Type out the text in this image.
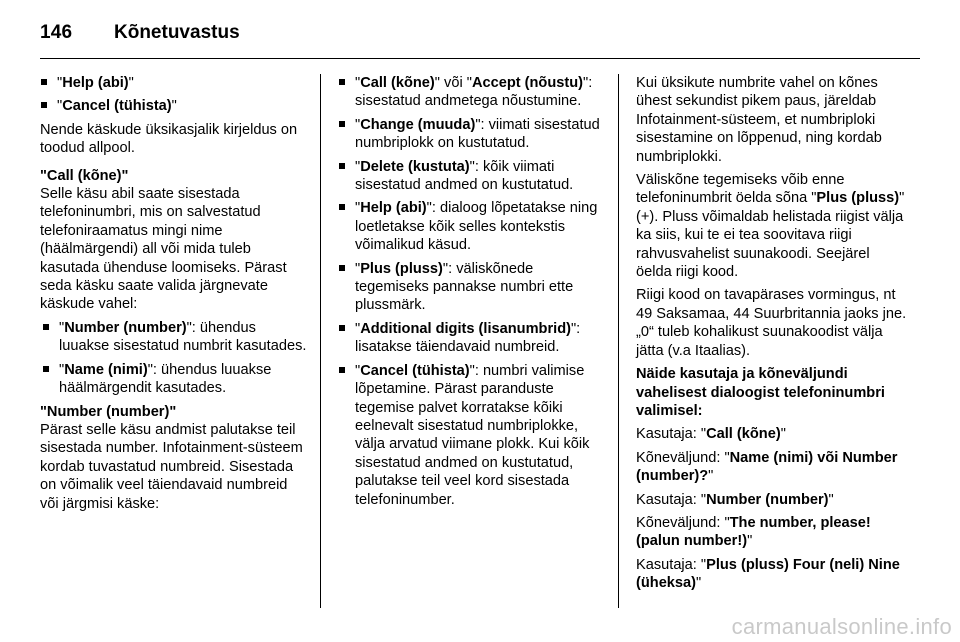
146 Kõnetuvastus
"Help (abi)"
"Cancel (tühista)"
Nende käskude üksikasjalik kirjeldus on toodud allpool.
"Call (kõne)"
Selle käsu abil saate sisestada telefoninumbri, mis on salvestatud telefoniraamatus mingi nime (häälmärgendi) all või mida tuleb kasutada ühenduse loomiseks. Pärast seda käsku saate valida järgnevate käskude vahel:
"Number (number)": ühendus luuakse sisestatud numbrit kasutades.
"Name (nimi)": ühendus luuakse häälmärgendit kasutades.
"Number (number)"
Pärast selle käsu andmist palutakse teil sisestada number. Infotainment-süsteem kordab tuvastatud numbreid. Sisestada on võimalik veel täiendavaid numbreid või järgmisi käske:
"Call (kõne)" või "Accept (nõustu)": sisestatud andmetega nõustumine.
"Change (muuda)": viimati sisestatud numbriplokk on kustutatud.
"Delete (kustuta)": kõik viimati sisestatud andmed on kustutatud.
"Help (abi)": dialoog lõpetatakse ning loetletakse kõik selles kontekstis võimalikud käsud.
"Plus (pluss)": väliskõnede tegemiseks pannakse numbri ette plussmärk.
"Additional digits (lisanumbrid)": lisatakse täiendavaid numbreid.
"Cancel (tühista)": numbri valimise lõpetamine. Pärast paranduste tegemise palvet korratakse kõiki eelnevalt sisestatud numbriplokke, välja arvatud viimane plokk. Kui kõik sisestatud andmed on kustutatud, palutakse teil veel kord sisestada telefoninumber.
Kui üksikute numbrite vahel on kõnes ühest sekundist pikem paus, järeldab Infotainment-süsteem, et numbriploki sisestamine on lõppenud, ning kordab numbriplokki.
Väliskõne tegemiseks võib enne telefoninumbrit öelda sõna "Plus (pluss)" (+). Pluss võimaldab helistada riigist välja ka siis, kui te ei tea soovitava riigi rahvusvahelist suunakoodi. Seejärel öelda riigi kood.
Riigi kood on tavapärases vormingus, nt 49 Saksamaa, 44 Suurbritannia jaoks jne. „0“ tuleb kohalikust suunakoodist välja jätta (v.a Itaalias).
Näide kasutaja ja kõneväljundi vahelisest dialoogist telefoninumbri valimisel:
Kasutaja: "Call (kõne)"
Kõneväljund: "Name (nimi) või Number (number)?"
Kasutaja: "Number (number)"
Kõneväljund: "The number, please! (palun number!)"
Kasutaja: "Plus (pluss) Four (neli) Nine (üheksa)"
carmanualsonline.info
